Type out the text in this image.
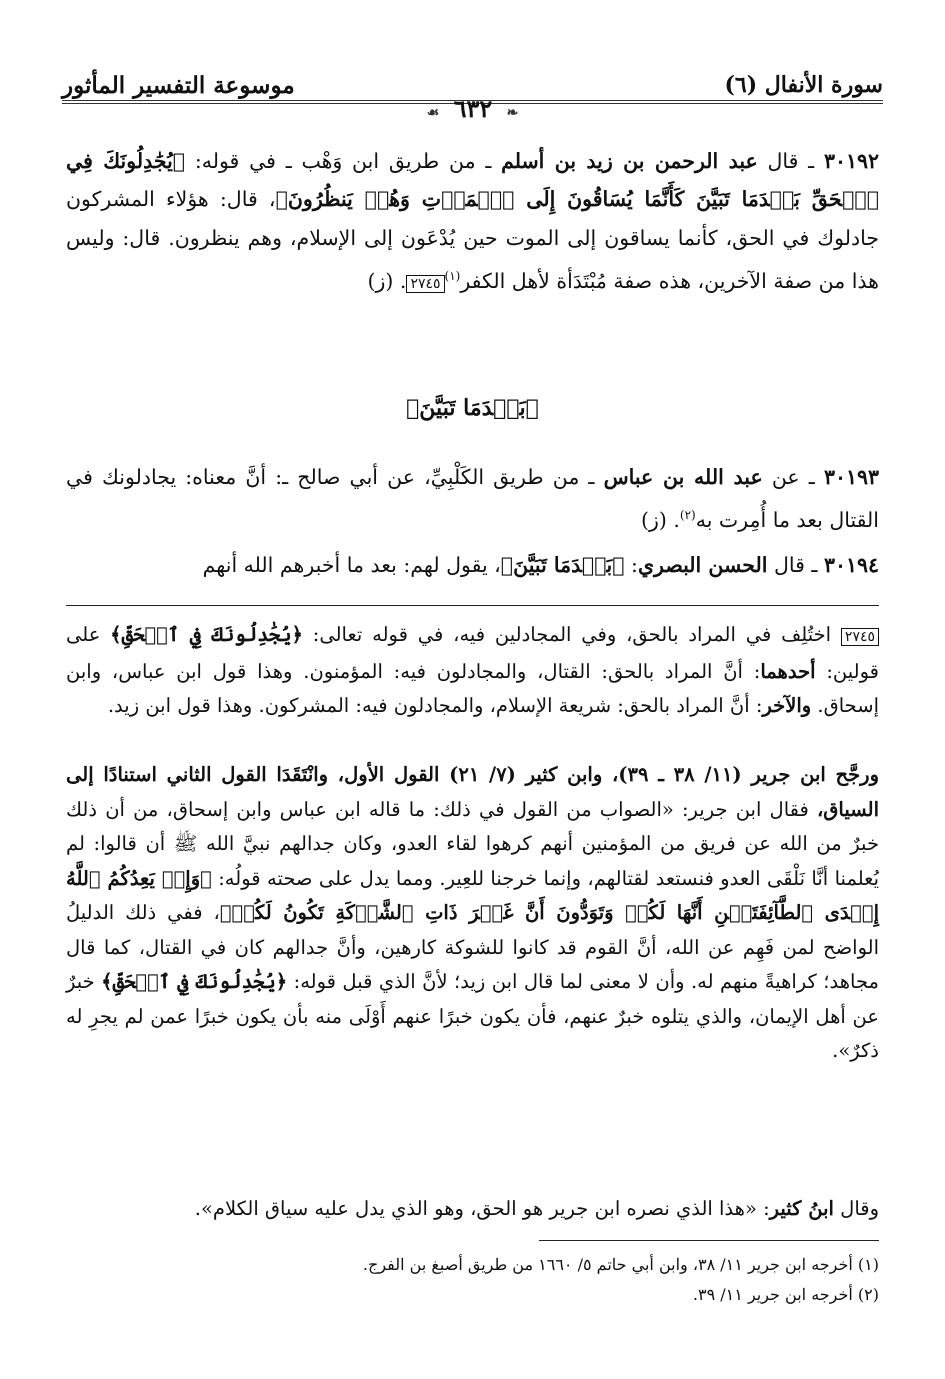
موسوعة التفسير المأثور	سورة الأنفال (٦)
❧ ٦٣٢ ☙
٣٠١٩٢ ـ قال عبد الرحمن بن زيد بن أسلم ـ من طريق ابن وَهْب ـ في قوله: ﴿يُجَٰدِلُونَكَ فِي ٱلۡحَقِّ بَعۡدَمَا تَبَيَّنَ كَأَنَّمَا يُسَاقُونَ إِلَى ٱلۡمَوۡتِ وَهُمۡ يَنظُرُونَ﴾، قال: هؤلاء المشركون جادلوك في الحق، كأنما يساقون إلى الموت حين يُدْعَون إلى الإسلام، وهم ينظرون. قال: وليس هذا من صفة الآخرين، هذه صفة مُبْتَدَأة لأهل الكفر$^{(١)}$٢٧٤٥. (ز)
﴿بَعۡدَمَا تَبَيَّنَ﴾
٣٠١٩٣ ـ عن عبد الله بن عباس ـ من طريق الكَلْبِيِّ، عن أبي صالح ـ: أنَّ معناه: يجادلونك في القتال بعد ما أُمِرت به$^{(٢)}$. (ز)
٣٠١٩٤ ـ قال الحسن البصري: ﴿بَعۡدَمَا تَبَيَّنَ﴾، يقول لهم: بعد ما أخبرهم الله أنهم
٢٧٤٥ اختُلِف في المراد بالحق، وفي المجادلين فيه، في قوله تعالى: ﴿يُجَٰدِلُونَكَ فِي ٱلۡحَقِّ﴾ على قولين: أحدهما: أنَّ المراد بالحق: القتال، والمجادلون فيه: المؤمنون. وهذا قول ابن عباس، وابن إسحاق. والآخر: أنَّ المراد بالحق: شريعة الإسلام، والمجادلون فيه: المشركون. وهذا قول ابن زيد.
ورجَّح ابن جرير (١١/ ٣٨ ـ ٣٩)، وابن كثير (٧/ ٢١) القول الأول، وانْتَقَدَا القول الثاني استنادًا إلى السياق، فقال ابن جرير: «الصواب من القول في ذلك: ما قاله ابن عباس وابن إسحاق، من أن ذلك خبرٌ من الله عن فريق من المؤمنين أنهم كرهوا لقاء العدو، وكان جدالهم نبيَّ الله ﷺ أن قالوا: لم يُعلمنا أنَّا نَلْقَى العدو فنستعد لقتالهم، وإنما خرجنا للعِير. ومما يدل على صحته قولُه: ﴿وَإِذۡ يَعِدُكُمُ ٱللَّهُ إِحۡدَى ٱلطَّآئِفَتَيۡنِ أَنَّهَا لَكُمۡ وَتَوَدُّونَ أَنَّ غَيۡرَ ذَاتِ ٱلشَّوۡكَةِ تَكُونُ لَكُمۡ﴾، ففي ذلك الدليلُ الواضح لمن فَهِم عن الله، أنَّ القوم قد كانوا للشوكة كارهين، وأنَّ جدالهم كان في القتال، كما قال مجاهد؛ كراهيةً منهم له. وأن لا معنى لما قال ابن زيد؛ لأنَّ الذي قبل قوله: ﴿يُجَٰدِلُونَكَ فِي ٱلۡحَقِّ﴾ خبرٌ عن أهل الإيمان، والذي يتلوه خبرٌ عنهم، فأن يكون خبرًا عنهم أَوْلَى منه بأن يكون خبرًا عمن لم يجرِ له ذكرٌ».
وقال ابنُ كثير: «هذا الذي نصره ابن جرير هو الحق، وهو الذي يدل عليه سياق الكلام».
(١) أخرجه ابن جرير ١١/ ٣٨، وابن أبي حاتم ٥/ ١٦٦٠ من طريق أصبغ بن الفرج.
(٢) أخرجه ابن جرير ١١/ ٣٩.
